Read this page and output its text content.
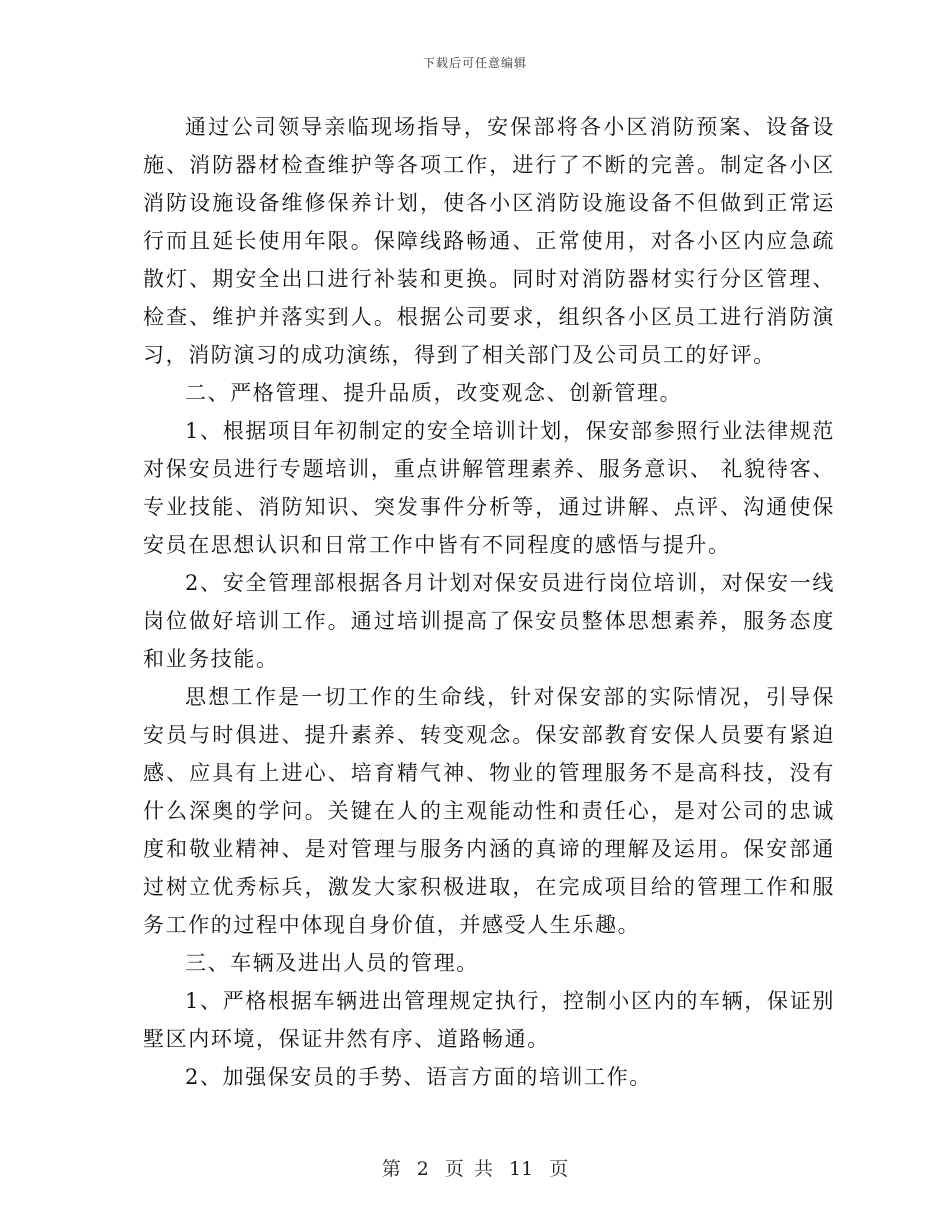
下载后可任意编辑

通过公司领导亲临现场指导，安保部将各小区消防预案、设备设施、消防器材检查维护等各项工作，进行了不断的完善。制定各小区消防设施设备维修保养计划，使各小区消防设施设备不但做到正常运行而且延长使用年限。保障线路畅通、正常使用，对各小区内应急疏散灯、期安全出口进行补装和更换。同时对消防器材实行分区管理、检查、维护并落实到人。根据公司要求，组织各小区员工进行消防演习，消防演习的成功演练，得到了相关部门及公司员工的好评。

二、严格管理、提升品质，改变观念、创新管理。

1、根据项目年初制定的安全培训计划，保安部参照行业法律规范对保安员进行专题培训，重点讲解管理素养、服务意识、 礼貌待客、专业技能、消防知识、突发事件分析等，通过讲解、点评、沟通使保安员在思想认识和日常工作中皆有不同程度的感悟与提升。

2、安全管理部根据各月计划对保安员进行岗位培训，对保安一线岗位做好培训工作。通过培训提高了保安员整体思想素养，服务态度和业务技能。

思想工作是一切工作的生命线，针对保安部的实际情况，引导保安员与时俱进、提升素养、转变观念。保安部教育安保人员要有紧迫感、应具有上进心、培育精气神、物业的管理服务不是高科技，没有什么深奥的学问。关键在人的主观能动性和责任心，是对公司的忠诚度和敬业精神、是对管理与服务内涵的真谛的理解及运用。保安部通过树立优秀标兵，激发大家积极进取，在完成项目给的管理工作和服务工作的过程中体现自身价值，并感受人生乐趣。

三、车辆及进出人员的管理。

1、严格根据车辆进出管理规定执行，控制小区内的车辆，保证别墅区内环境，保证井然有序、道路畅通。

2、加强保安员的手势、语言方面的培训工作。

第 2 页 共 11 页
